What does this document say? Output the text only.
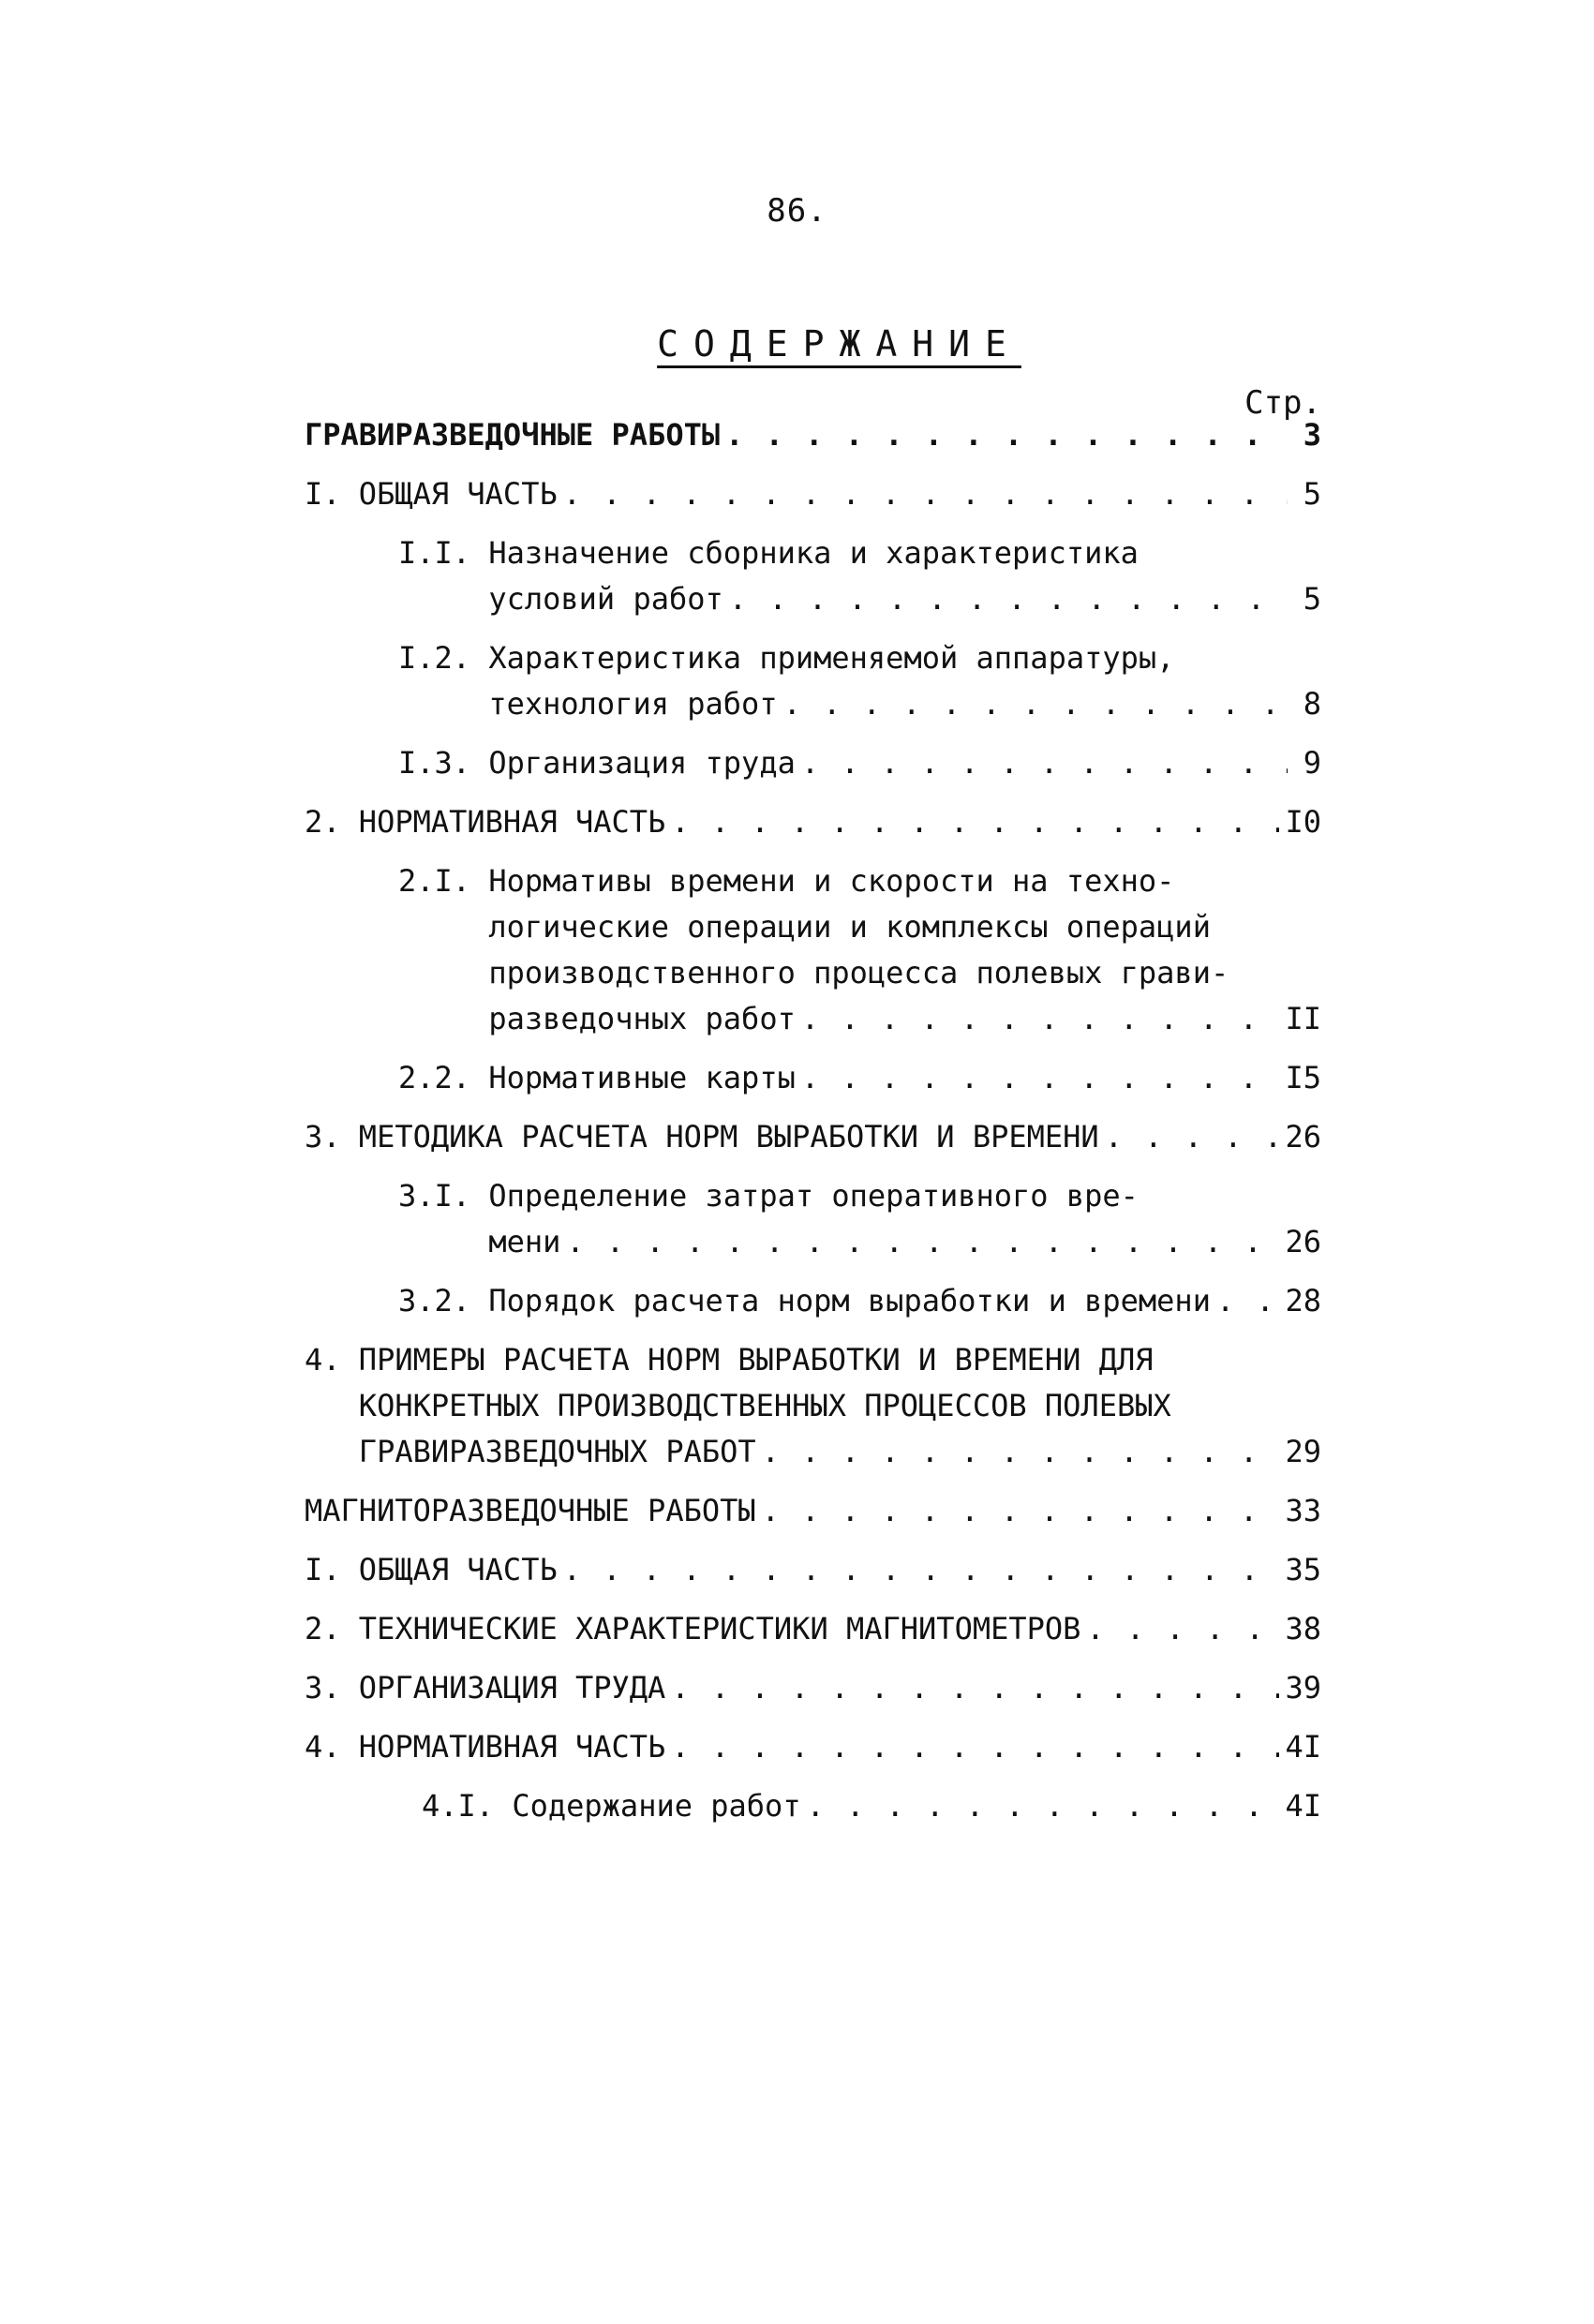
86.
СОДЕРЖАНИЕ
Стр.
ГРАВИРАЗВЕДОЧНЫЕ РАБОТЫ . . .	3
I. ОБЩАЯ ЧАСТЬ . . .	5
I.I. Назначение сборника и характеристика
условий работ . . .	5
I.2. Характеристика применяемой аппаратуры,
технология работ . . .	8
I.3. Организация труда . . .	9
2. НОРМАТИВНАЯ ЧАСТЬ . . .	I0
2.I. Нормативы времени и скорости на техно-
логические операции и комплексы операций
производственного процесса полевых грави-
разведочных работ . . .	II
2.2. Нормативные карты . . .	I5
3. МЕТОДИКА РАСЧЕТА НОРМ ВЫРАБОТКИ И ВРЕМЕНИ . . .	26
3.I. Определение затрат оперативного вре-
мени . . .	26
3.2. Порядок расчета норм выработки и времени . . . 28
4. ПРИМЕРЫ РАСЧЕТА НОРМ ВЫРАБОТКИ И ВРЕМЕНИ ДЛЯ
КОНКРЕТНЫХ ПРОИЗВОДСТВЕННЫХ ПРОЦЕССОВ ПОЛЕВЫХ
ГРАВИРАЗВЕДОЧНЫХ РАБОТ . . .	29
МАГНИТОРАЗВЕДОЧНЫЕ РАБОТЫ . . .	33
I. ОБЩАЯ ЧАСТЬ . . .	35
2. ТЕХНИЧЕСКИЕ ХАРАКТЕРИСТИКИ МАГНИТОМЕТРОВ . . .	38
3. ОРГАНИЗАЦИЯ ТРУДА . . .	39
4. НОРМАТИВНАЯ ЧАСТЬ . . .	4I
4.I. Содержание работ . . .	4I
